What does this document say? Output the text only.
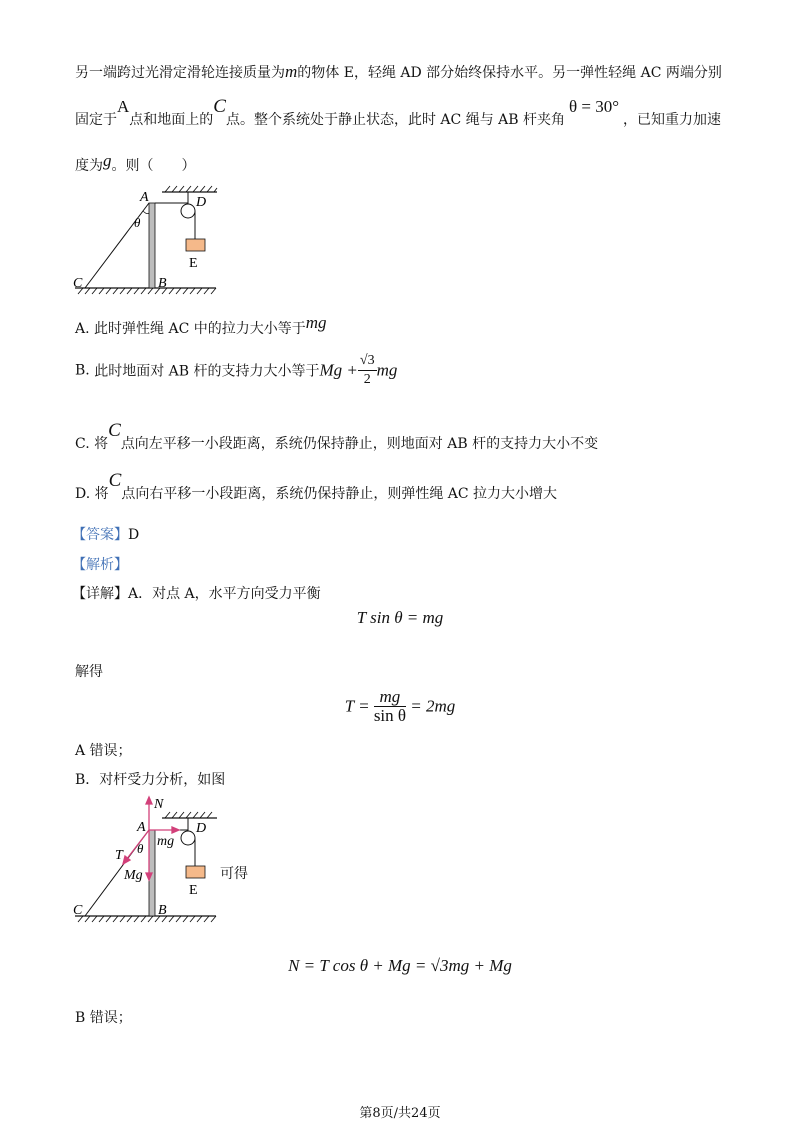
另一端跨过光滑定滑轮连接质量为m的物体 E，轻绳 AD 部分始终保持水平。另一弹性轻绳 AC 两端分别
固定于A点和地面上的C点。整个系统处于静止状态，此时 AC 绳与 AB 杆夹角θ = 30°，已知重力加速
度为g。则（　　）
A
θ
C	B
D
E
N
A
mg
θ
T
Mg
C	B
D
E
可得
A. 此时弹性绳 AC 中的拉力大小等于mg
B. 此时地面对 AB 杆的支持力大小等于$Mg + \frac{√3}{2}$ mg
C. 将C点向左平移一小段距离，系统仍保持静止，则地面对 AB 杆的支持力大小不变
D. 将C点向右平移一小段距离，系统仍保持静止，则弹性绳 AC 拉力大小增大
【答案】D
【解析】
【详解】A．对点 A，水平方向受力平衡
T sin θ = mg
解得
$T = \frac{mg}{\text{sin θ}} = 2mg$
A 错误；
B．对杆受力分析，如图
N = T cos θ + Mg = √3mg + Mg
B 错误；
第8页/共24页
